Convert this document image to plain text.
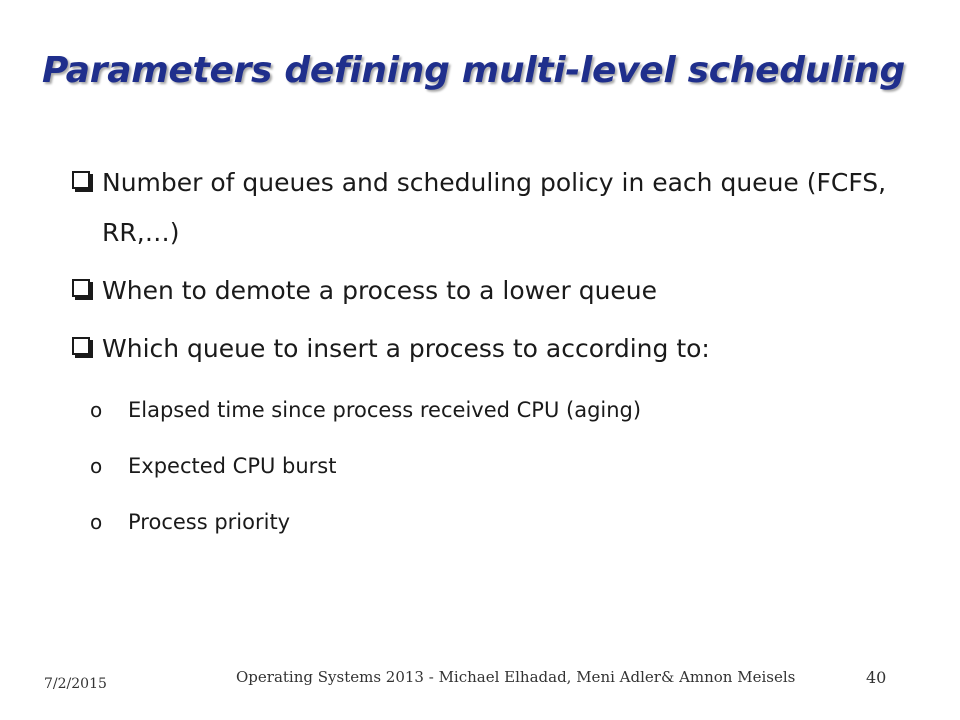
Parameters defining multi-level scheduling
Number of queues and scheduling policy in each queue (FCFS, RR,…)
When to demote a process to a lower queue
Which queue to insert a process to according to:
o Elapsed time since process received CPU (aging)
o Expected CPU burst
o Process priority
7/2/2015	Operating Systems 2013 - Michael Elhadad, Meni Adler& Amnon Meisels	40
